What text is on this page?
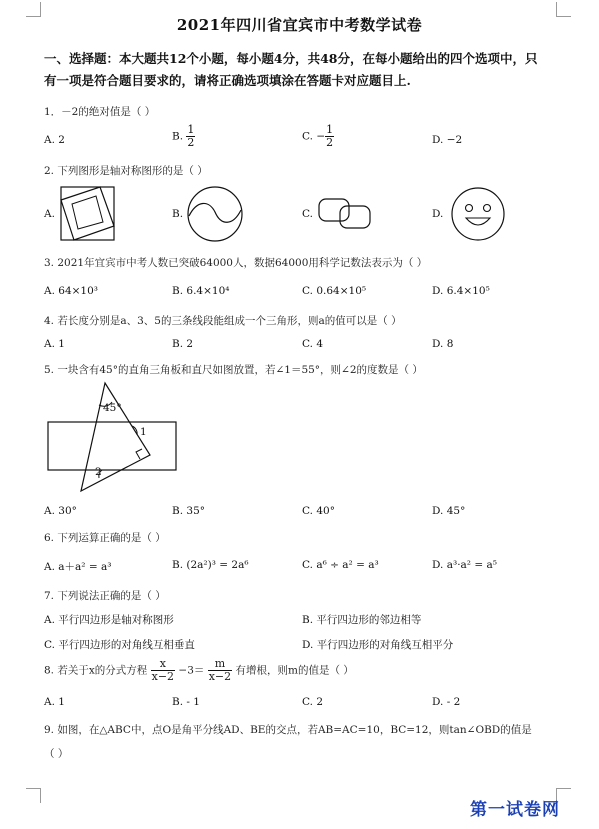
2021年四川省宜宾市中考数学试卷
一、选择题：本大题共12个小题，每小题4分，共48分，在每小题给出的四个选项中，只
有一项是符合题目要求的，请将正确选项填涂在答题卡对应题目上.
1．－2的绝对值是（ ）
A. 2	B. $\frac{1}{2}$	C. − $\frac{1}{2}$	D. −2
2. 下列图形是轴对称图形的是（ ）
A.	B.	C.	D.
3. 2021年宜宾市中考人数已突破64000人，数据64000用科学记数法表示为（ ）
A. 64×10³	B. 6.4×10⁴	C. 0.64×10⁵	D. 6.4×10⁵
4. 若长度分别是a、3、5的三条线段能组成一个三角形，则a的值可以是（ ）
A. 1	B. 2	C. 4	D. 8
5. 一块含有45°的直角三角板和直尺如图放置，若∠1＝55°，则∠2的度数是（ ）
45°
1
2
A. 30°	B. 35°	C. 40°	D. 45°
6. 下列运算正确的是（ ）
A. a＋a² = a³	B. (2a²)³ = 2a⁶	C. a⁶ ÷ a² = a³	D. a³·a² = a⁵
7. 下列说法正确的是（ ）
A. 平行四边形是轴对称图形	B. 平行四边形的邻边相等
C. 平行四边形的对角线互相垂直	D. 平行四边形的对角线互相平分
8. 若关于x的分式方程 $\frac{x}{x-2} -3= \frac{m}{x-2}$ 有增根，则m的值是（ ）
A. 1	B. - 1	C. 2	D. - 2
9. 如图，在△ABC中，点O是角平分线AD、BE的交点，若AB=AC=10，BC=12，则tan∠OBD的值是
（ ）
第一试卷网
